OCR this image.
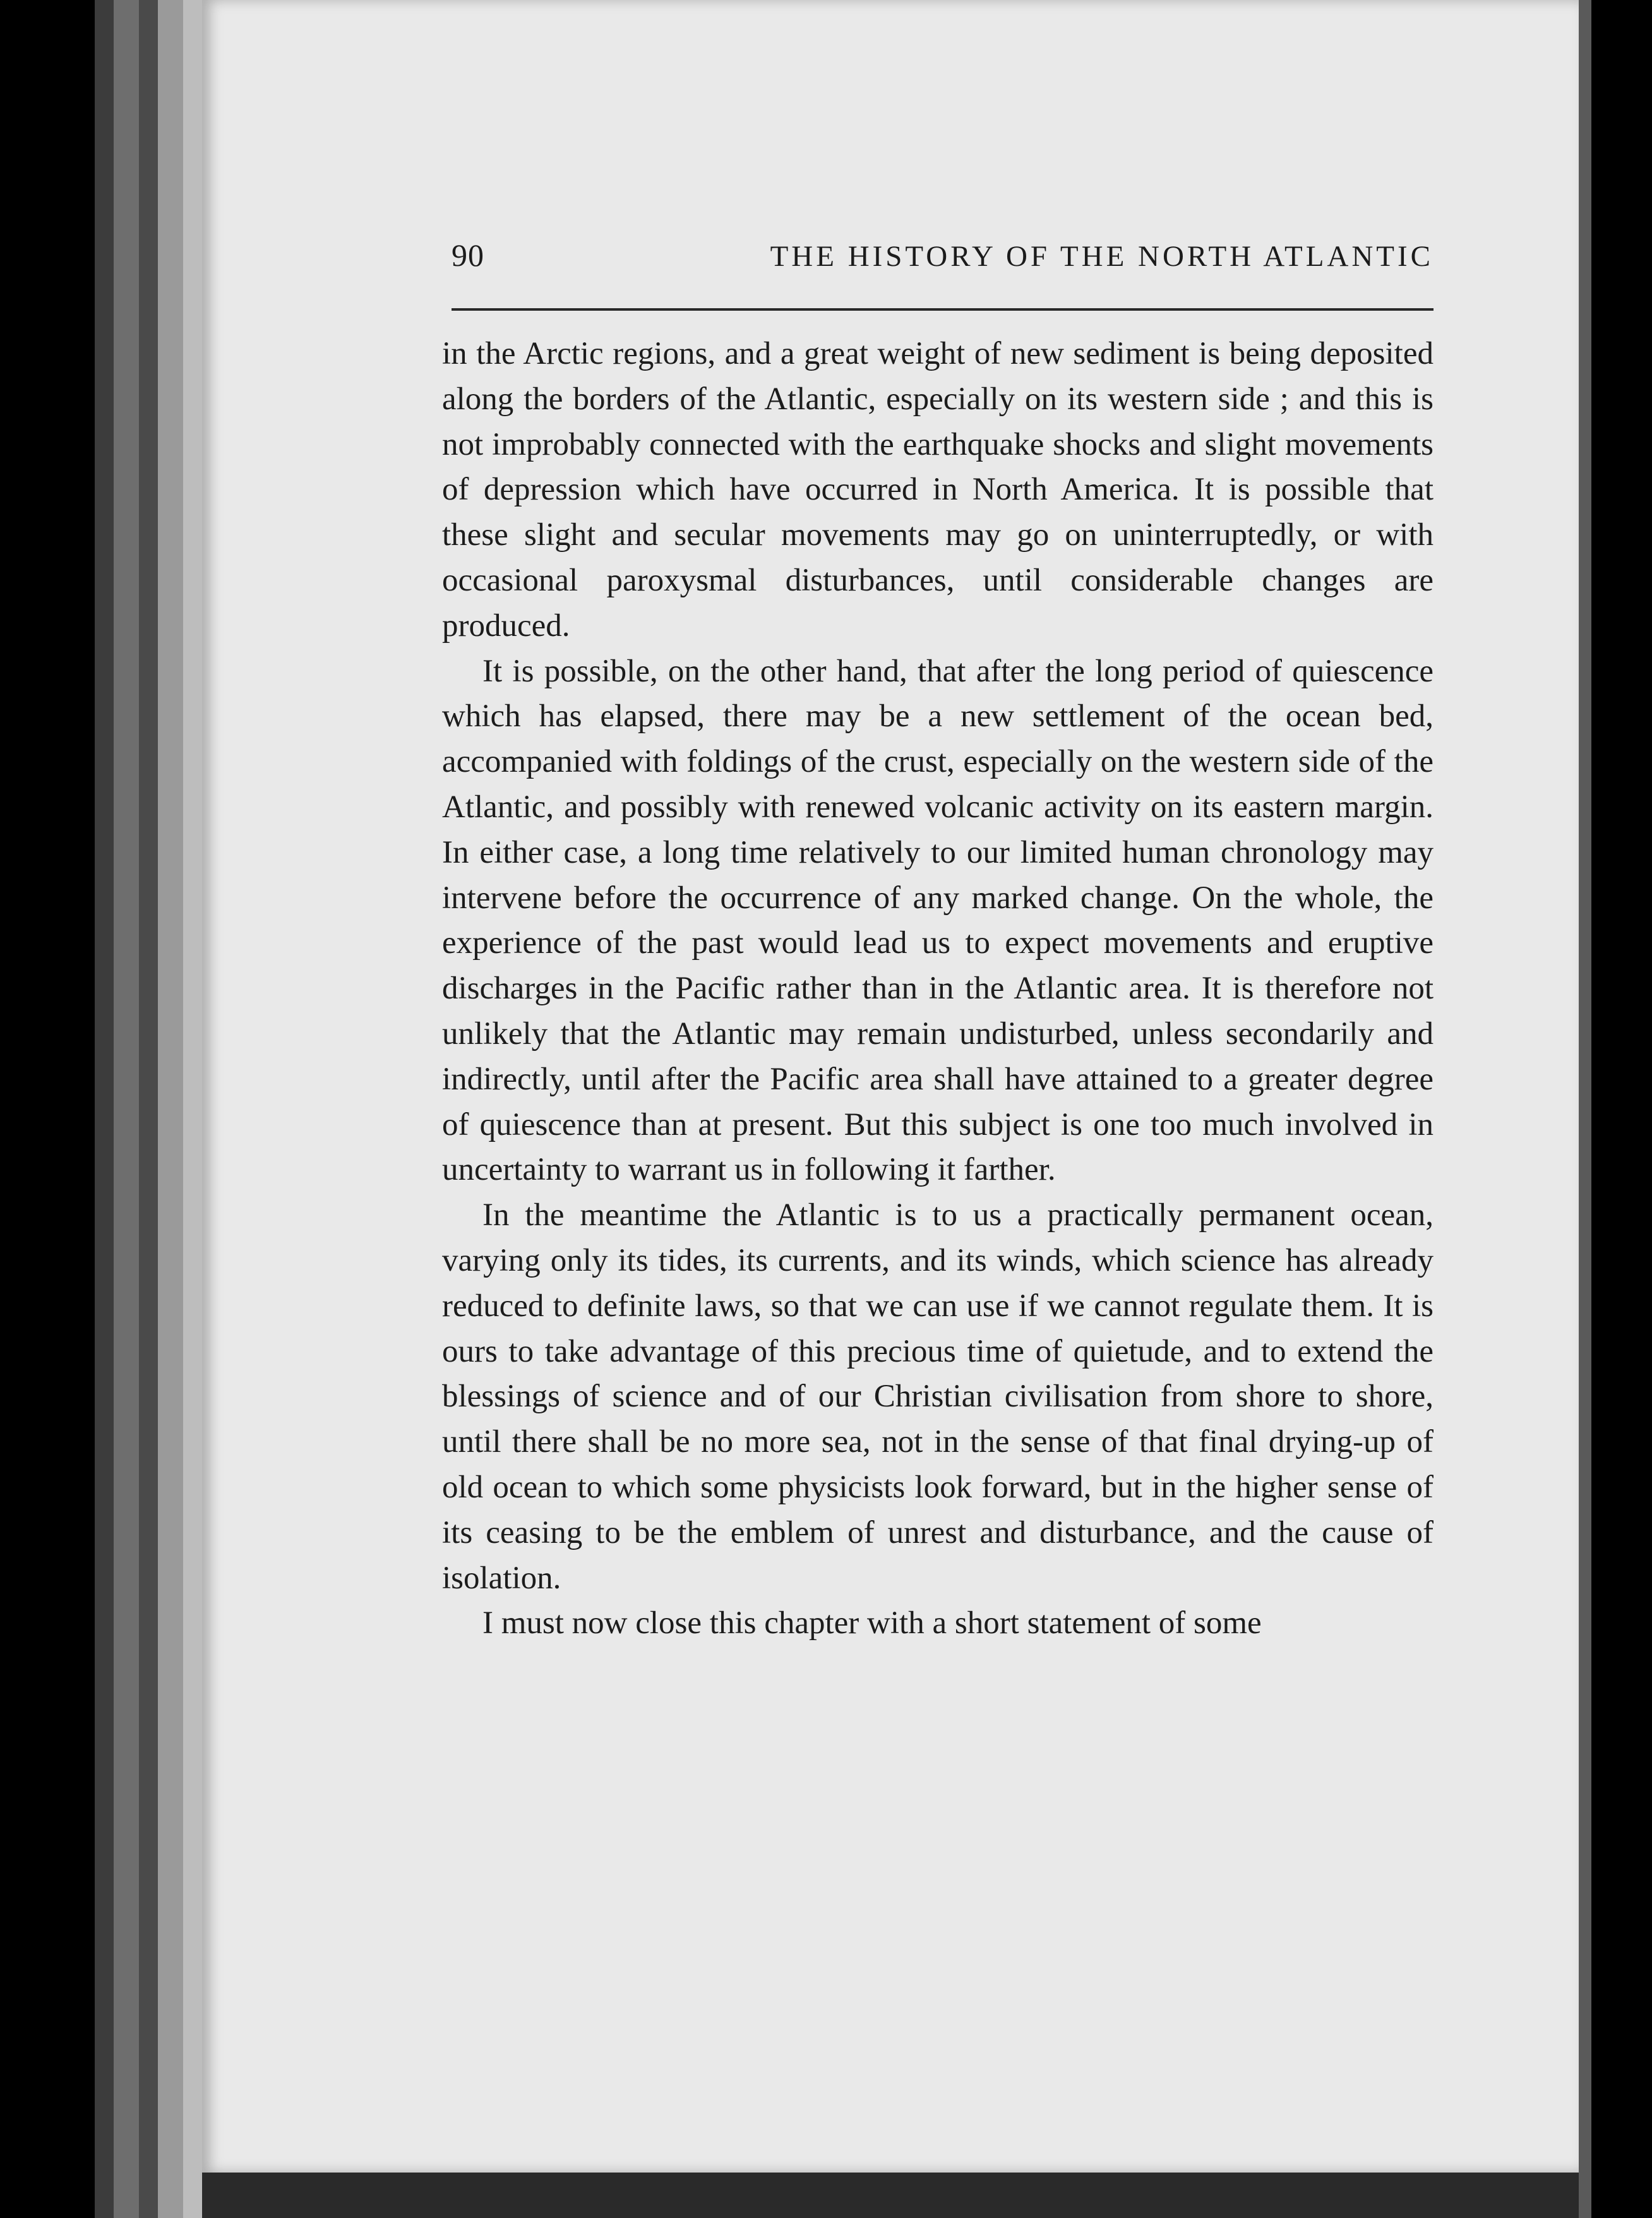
90	THE HISTORY OF THE NORTH ATLANTIC

in the Arctic regions, and a great weight of new sediment is being deposited along the borders of the Atlantic, especially on its western side ; and this is not improbably connected with the earthquake shocks and slight movements of depression which have occurred in North America. It is possible that these slight and secular movements may go on uninterruptedly, or with occasional paroxysmal disturbances, until considerable changes are produced.

It is possible, on the other hand, that after the long period of quiescence which has elapsed, there may be a new settlement of the ocean bed, accompanied with foldings of the crust, especially on the western side of the Atlantic, and possibly with renewed volcanic activity on its eastern margin. In either case, a long time relatively to our limited human chronology may intervene before the occurrence of any marked change. On the whole, the experience of the past would lead us to expect movements and eruptive discharges in the Pacific rather than in the Atlantic area. It is therefore not unlikely that the Atlantic may remain undisturbed, unless secondarily and indirectly, until after the Pacific area shall have attained to a greater degree of quiescence than at present. But this subject is one too much involved in uncertainty to warrant us in following it farther.

In the meantime the Atlantic is to us a practically permanent ocean, varying only its tides, its currents, and its winds, which science has already reduced to definite laws, so that we can use if we cannot regulate them. It is ours to take advantage of this precious time of quietude, and to extend the blessings of science and of our Christian civilisation from shore to shore, until there shall be no more sea, not in the sense of that final drying-up of old ocean to which some physicists look forward, but in the higher sense of its ceasing to be the emblem of unrest and disturbance, and the cause of isolation.

I must now close this chapter with a short statement of some
